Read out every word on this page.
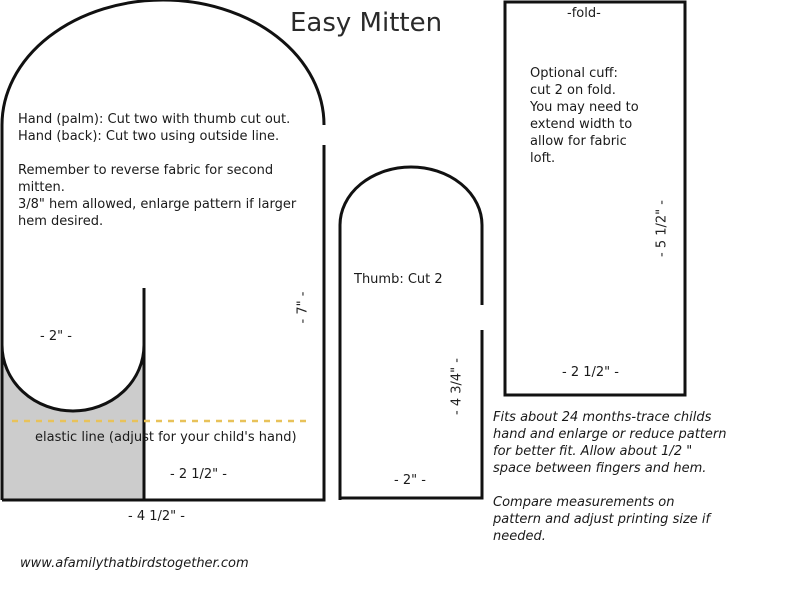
Easy Mitten
Hand (palm): Cut two with thumb cut out.
Hand (back): Cut two using outside line.
Remember to reverse fabric for second
mitten.
3/8" hem allowed, enlarge pattern if larger
hem desired.
- 7" -
- 2" -
elastic line (adjust for your child's hand)
- 2 1/2" -
- 4 1/2" -
Thumb: Cut 2
- 4 3/4" -
- 2" -
-fold-
Optional cuff:
cut 2 on fold.
You may need to
extend width to
allow for fabric
loft.
- 5 1/2" -
- 2 1/2" -
Fits about 24 months-trace childs
hand and enlarge or reduce pattern
for better fit. Allow about 1/2 "
space between fingers and hem.
Compare measurements on
pattern and adjust printing size if
needed.
www.afamilythatbirdstogether.com
